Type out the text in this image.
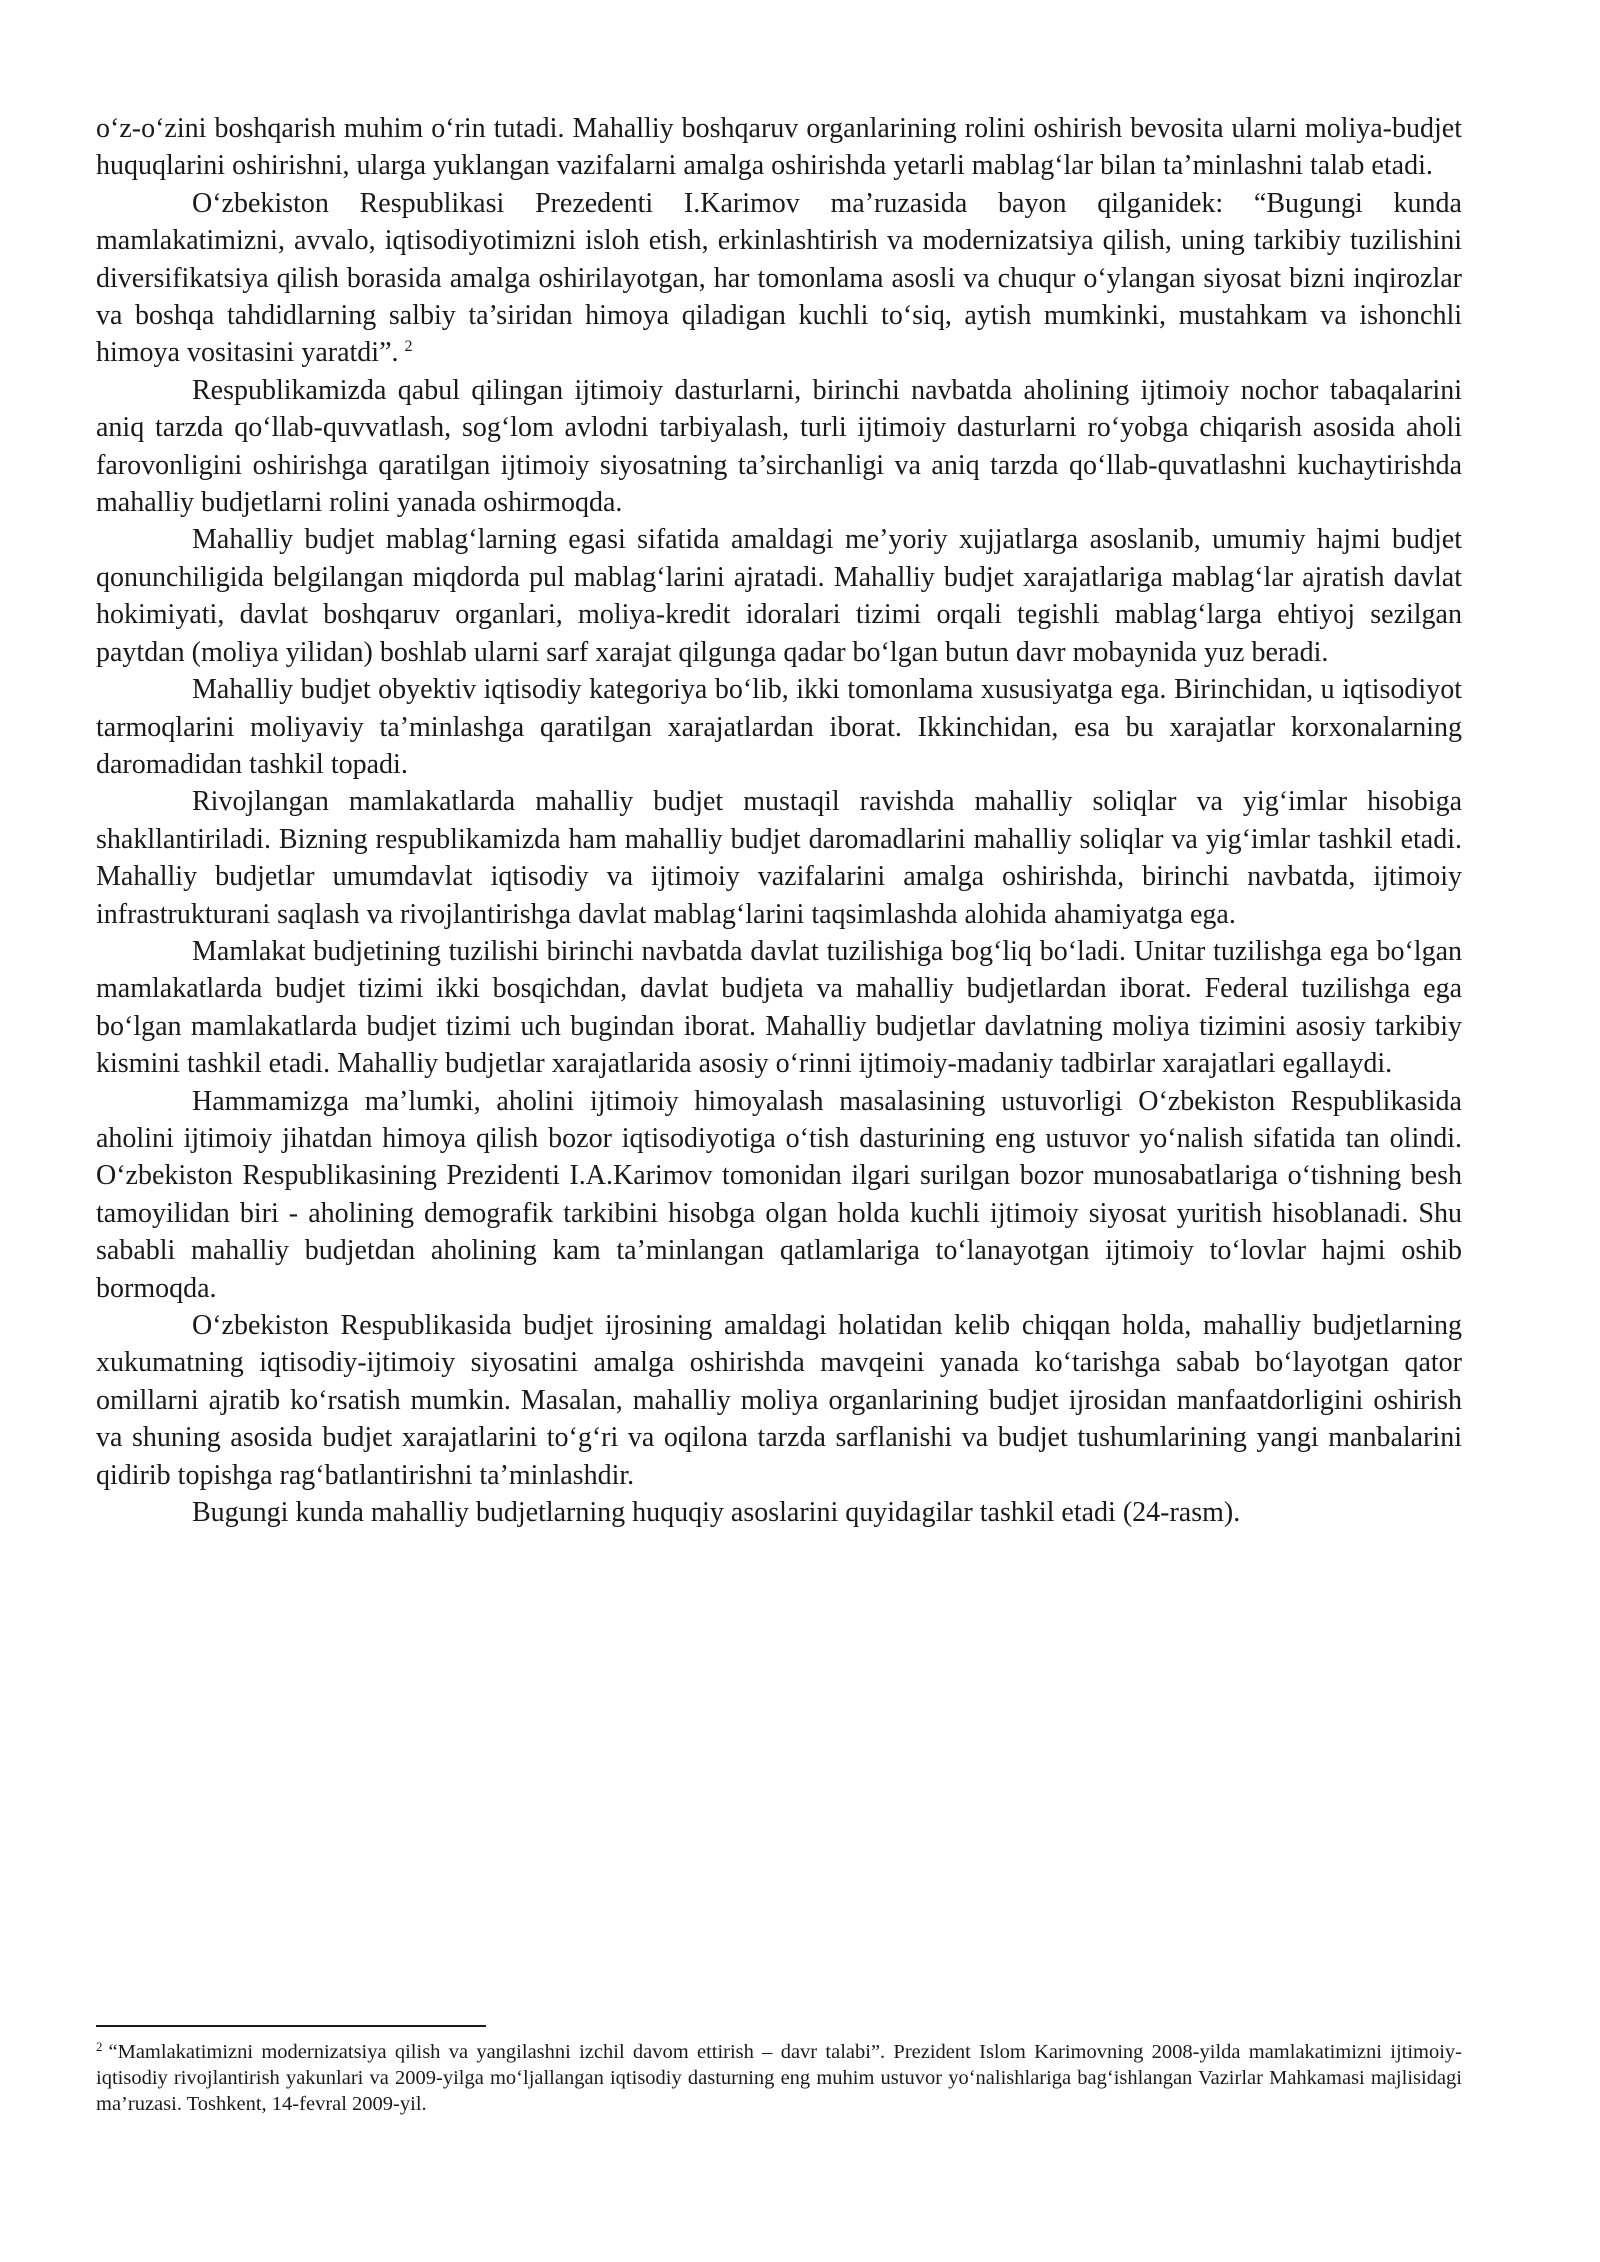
o‘z-o‘zini boshqarish muhim o‘rin tutadi. Mahalliy boshqaruv organlarining rolini oshirish bevosita ularni moliya-budjet huquqlarini oshirishni, ularga yuklangan vazifalarni amalga oshirishda yetarli mablag‘lar bilan ta’minlashni talab etadi.

O‘zbekiston Respublikasi Prezedenti I.Karimov ma’ruzasida bayon qilganidek: “Bugungi kunda mamlakatimizni, avvalo, iqtisodiyotimizni isloh etish, erkinlashtirish va modernizatsiya qilish, uning tarkibiy tuzilishini diversifikatsiya qilish borasida amalga oshirilayotgan, har tomonlama asosli va chuqur o‘ylangan siyosat bizni inqirozlar va boshqa tahdidlarning salbiy ta’siridan himoya qiladigan kuchli to‘siq, aytish mumkinki, mustahkam va ishonchli himoya vositasini yaratdi”. $^2$

Respublikamizda qabul qilingan ijtimoiy dasturlarni, birinchi navbatda aholining ijtimoiy nochor tabaqalarini aniq tarzda qo‘llab-quvvatlash, sog‘lom avlodni tarbiyalash, turli ijtimoiy dasturlarni ro‘yobga chiqarish asosida aholi farovonligini oshirishga qaratilgan ijtimoiy siyosatning ta’sirchanligi va aniq tarzda qo‘llab-quvatlashni kuchaytirishda mahalliy budjetlarni rolini yanada oshirmoqda.

Mahalliy budjet mablag‘larning egasi sifatida amaldagi me’yoriy xujjatlarga asoslanib, umumiy hajmi budjet qonunchiligida belgilangan miqdorda pul mablag‘larini ajratadi. Mahalliy budjet xarajatlariga mablag‘lar ajratish davlat hokimiyati, davlat boshqaruv organlari, moliya-kredit idoralari tizimi orqali tegishli mablag‘larga ehtiyoj sezilgan paytdan (moliya yilidan) boshlab ularni sarf xarajat qilgunga qadar bo‘lgan butun davr mobaynida yuz beradi.

Mahalliy budjet obyektiv iqtisodiy kategoriya bo‘lib, ikki tomonlama xususiyatga ega. Birinchidan, u iqtisodiyot tarmoqlarini moliyaviy ta’minlashga qaratilgan xarajatlardan iborat. Ikkinchidan, esa bu xarajatlar korxonalarning daromadidan tashkil topadi.

Rivojlangan mamlakatlarda mahalliy budjet mustaqil ravishda mahalliy soliqlar va yig‘imlar hisobiga shakllantiriladi. Bizning respublikamizda ham mahalliy budjet daromadlarini mahalliy soliqlar va yig‘imlar tashkil etadi. Mahalliy budjetlar umumdavlat iqtisodiy va ijtimoiy vazifalarini amalga oshirishda, birinchi navbatda, ijtimoiy infrastrukturani saqlash va rivojlantirishga davlat mablag‘larini taqsimlashda alohida ahamiyatga ega.

Mamlakat budjetining tuzilishi birinchi navbatda davlat tuzilishiga bog‘liq bo‘ladi. Unitar tuzilishga ega bo‘lgan mamlakatlarda budjet tizimi ikki bosqichdan, davlat budjeta va mahalliy budjetlardan iborat. Federal tuzilishga ega bo‘lgan mamlakatlarda budjet tizimi uch bugindan iborat. Mahalliy budjetlar davlatning moliya tizimini asosiy tarkibiy kismini tashkil etadi. Mahalliy budjetlar xarajatlarida asosiy o‘rinni ijtimoiy-madaniy tadbirlar xarajatlari egallaydi.

Hammamizga ma’lumki, aholini ijtimoiy himoyalash masalasining ustuvorligi O‘zbekiston Respublikasida aholini ijtimoiy jihatdan himoya qilish bozor iqtisodiyotiga o‘tish dasturining eng ustuvor yo‘nalish sifatida tan olindi. O‘zbekiston Respublikasining Prezidenti I.A.Karimov tomonidan ilgari surilgan bozor munosabatlariga o‘tishning besh tamoyilidan biri - aholining demografik tarkibini hisobga olgan holda kuchli ijtimoiy siyosat yuritish hisoblanadi. Shu sababli mahalliy budjetdan aholining kam ta’minlangan qatlamlariga to‘lanayotgan ijtimoiy to‘lovlar hajmi oshib bormoqda.

O‘zbekiston Respublikasida budjet ijrosining amaldagi holatidan kelib chiqqan holda, mahalliy budjetlarning xukumatning iqtisodiy-ijtimoiy siyosatini amalga oshirishda mavqeini yanada ko‘tarishga sabab bo‘layotgan qator omillarni ajratib ko‘rsatish mumkin. Masalan, mahalliy moliya organlarining budjet ijrosidan manfaatdorligini oshirish va shuning asosida budjet xarajatlarini to‘g‘ri va oqilona tarzda sarflanishi va budjet tushumlarining yangi manbalarini qidirib topishga rag‘batlantirishni ta’minlashdir.

Bugungi kunda mahalliy budjetlarning huquqiy asoslarini quyidagilar tashkil etadi (24-rasm).

$^2$ “Mamlakatimizni modernizatsiya qilish va yangilashni izchil davom ettirish – davr talabi”. Prezident Islom Karimovning 2008-yilda mamlakatimizni ijtimoiy-iqtisodiy rivojlantirish yakunlari va 2009-yilga mo‘ljallangan iqtisodiy dasturning eng muhim ustuvor yo‘nalishlariga bag‘ishlangan Vazirlar Mahkamasi majlisidagi ma’ruzasi. Toshkent, 14-fevral 2009-yil.
